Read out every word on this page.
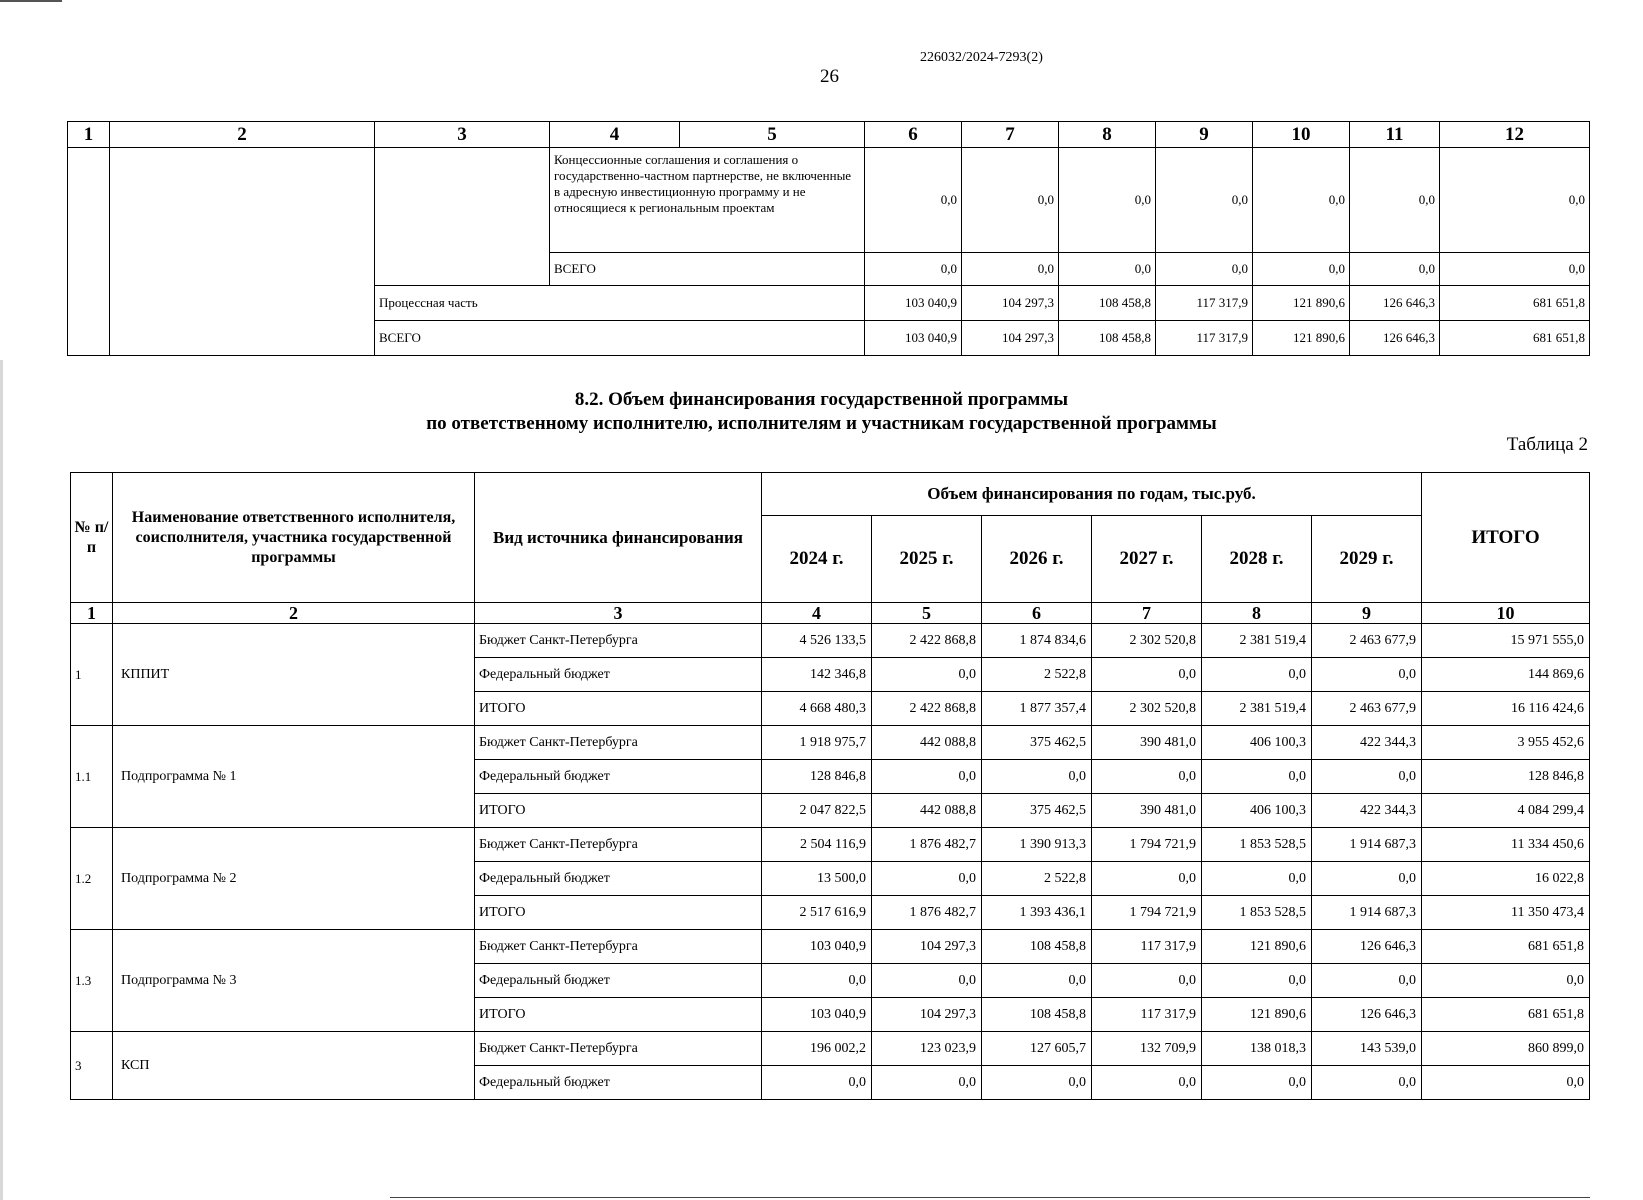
226032/2024-7293(2)
26
1	2	3	4	5	6	7	8	9	10	11	12
			Концессионные соглашения и соглашения о государственно-частном партнерстве, не включенные в адресную инвестиционную программу и не относящиеся к региональным проектам		0,0	0,0	0,0	0,0	0,0	0,0	0,0
			ВСЕГО		0,0	0,0	0,0	0,0	0,0	0,0	0,0
		Процессная часть			103 040,9	104 297,3	108 458,8	117 317,9	121 890,6	126 646,3	681 651,8
		ВСЕГО			103 040,9	104 297,3	108 458,8	117 317,9	121 890,6	126 646,3	681 651,8
8.2. Объем финансирования государственной программы
по ответственному исполнителю, исполнителям и участникам государственной программы
Таблица 2
№ п/п	Наименование ответственного исполнителя, соисполнителя, участника государственной программы	Вид источника финансирования	Объем финансирования по годам, тыс.руб.						ИТОГО
			2024 г.	2025 г.	2026 г.	2027 г.	2028 г.	2029 г.	
1	2	3	4	5	6	7	8	9	10
1	КППИТ	Бюджет Санкт-Петербурга	4 526 133,5	2 422 868,8	1 874 834,6	2 302 520,8	2 381 519,4	2 463 677,9	15 971 555,0
		Федеральный бюджет	142 346,8	0,0	2 522,8	0,0	0,0	0,0	144 869,6
		ИТОГО	4 668 480,3	2 422 868,8	1 877 357,4	2 302 520,8	2 381 519,4	2 463 677,9	16 116 424,6
1.1	Подпрограмма № 1	Бюджет Санкт-Петербурга	1 918 975,7	442 088,8	375 462,5	390 481,0	406 100,3	422 344,3	3 955 452,6
		Федеральный бюджет	128 846,8	0,0	0,0	0,0	0,0	0,0	128 846,8
		ИТОГО	2 047 822,5	442 088,8	375 462,5	390 481,0	406 100,3	422 344,3	4 084 299,4
1.2	Подпрограмма № 2	Бюджет Санкт-Петербурга	2 504 116,9	1 876 482,7	1 390 913,3	1 794 721,9	1 853 528,5	1 914 687,3	11 334 450,6
		Федеральный бюджет	13 500,0	0,0	2 522,8	0,0	0,0	0,0	16 022,8
		ИТОГО	2 517 616,9	1 876 482,7	1 393 436,1	1 794 721,9	1 853 528,5	1 914 687,3	11 350 473,4
1.3	Подпрограмма № 3	Бюджет Санкт-Петербурга	103 040,9	104 297,3	108 458,8	117 317,9	121 890,6	126 646,3	681 651,8
		Федеральный бюджет	0,0	0,0	0,0	0,0	0,0	0,0	0,0
		ИТОГО	103 040,9	104 297,3	108 458,8	117 317,9	121 890,6	126 646,3	681 651,8
3	КСП	Бюджет Санкт-Петербурга	196 002,2	123 023,9	127 605,7	132 709,9	138 018,3	143 539,0	860 899,0
		Федеральный бюджет	0,0	0,0	0,0	0,0	0,0	0,0	0,0
